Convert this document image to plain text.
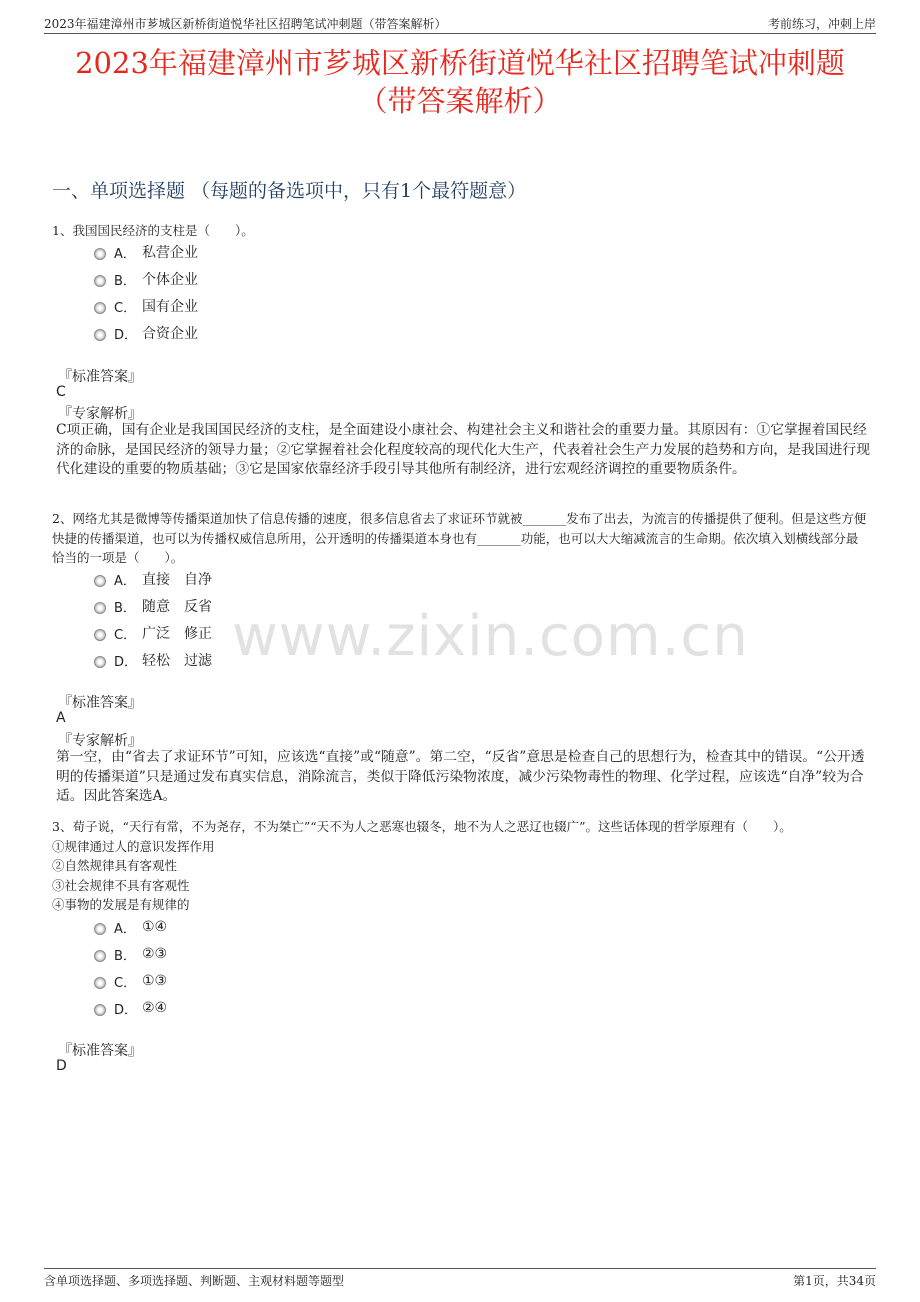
2023年福建漳州市芗城区新桥街道悦华社区招聘笔试冲刺题（带答案解析）	考前练习，冲刺上岸
2023年福建漳州市芗城区新桥街道悦华社区招聘笔试冲刺题
（带答案解析）
一、单项选择题 （每题的备选项中，只有1个最符题意）
www.zixin.com.cn
1、我国国民经济的支柱是（　　）。
A． 私营企业
B． 个体企业
C． 国有企业
D． 合资企业
『标准答案』
C
『专家解析』
C项正确，国有企业是我国国民经济的支柱，是全面建设小康社会、构建社会主义和谐社会的重要力量。其原因有：①它掌握着国民经济的命脉，是国民经济的领导力量；②它掌握着社会化程度较高的现代化大生产，代表着社会生产力发展的趋势和方向，是我国进行现代化建设的重要的物质基础；③它是国家依靠经济手段引导其他所有制经济，进行宏观经济调控的重要物质条件。
2、网络尤其是微博等传播渠道加快了信息传播的速度，很多信息省去了求证环节就被_______发布了出去，为流言的传播提供了便利。但是这些方便快捷的传播渠道，也可以为传播权威信息所用，公开透明的传播渠道本身也有_______功能，也可以大大缩减流言的生命期。依次填入划横线部分最恰当的一项是（　　）。
A． 直接　自净
B． 随意　反省
C． 广泛　修正
D． 轻松　过滤
『标准答案』
A
『专家解析』
第一空，由“省去了求证环节”可知，应该选“直接”或“随意”。第二空，“反省”意思是检查自己的思想行为，检查其中的错误。“公开透明的传播渠道”只是通过发布真实信息，消除流言，类似于降低污染物浓度，减少污染物毒性的物理、化学过程，应该选“自净”较为合适。因此答案选A。
3、荀子说，“天行有常，不为尧存，不为桀亡”“天不为人之恶寒也辍冬，地不为人之恶辽也辍广”。这些话体现的哲学原理有（　　）。
①规律通过人的意识发挥作用
②自然规律具有客观性
③社会规律不具有客观性
④事物的发展是有规律的
A． ①④
B． ②③
C． ①③
D． ②④
『标准答案』
D
含单项选择题、多项选择题、判断题、主观材料题等题型	第1页，共34页
